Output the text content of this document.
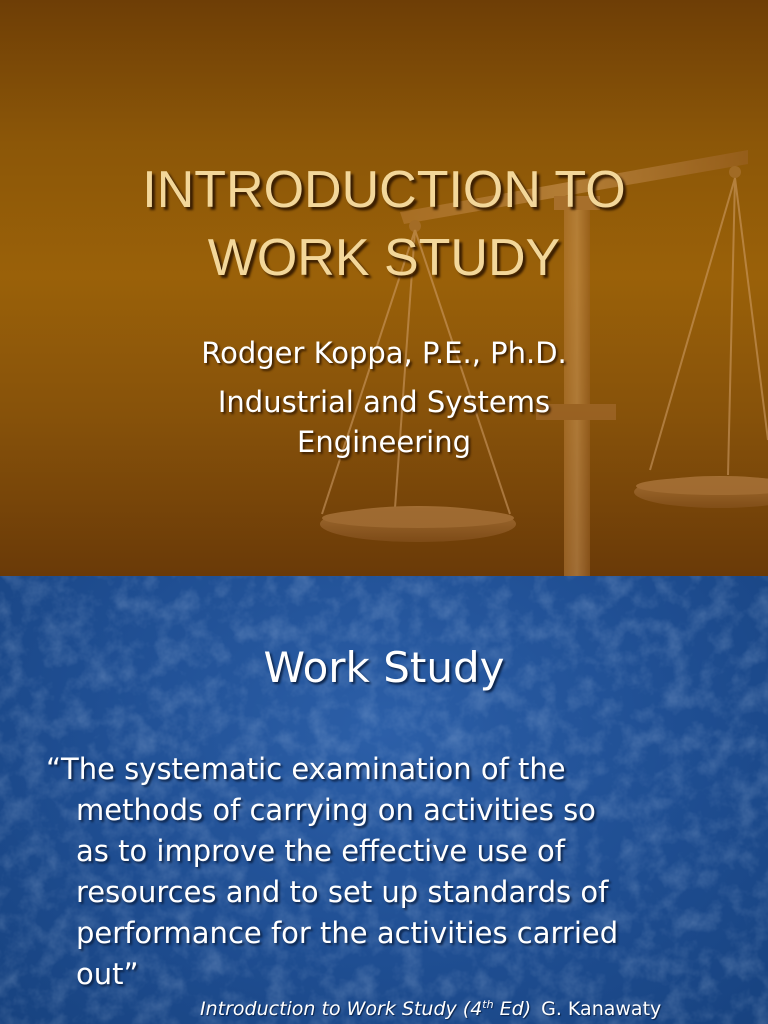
INTRODUCTION TO
WORK STUDY
Rodger Koppa, P.E., Ph.D.
Industrial and Systems
Engineering
Work Study
“The systematic examination of the
methods of carrying on activities so
as to improve the effective use of
resources and to set up standards of
performance for the activities carried
out”
Introduction to Work Study (4th Ed) G. Kanawaty
